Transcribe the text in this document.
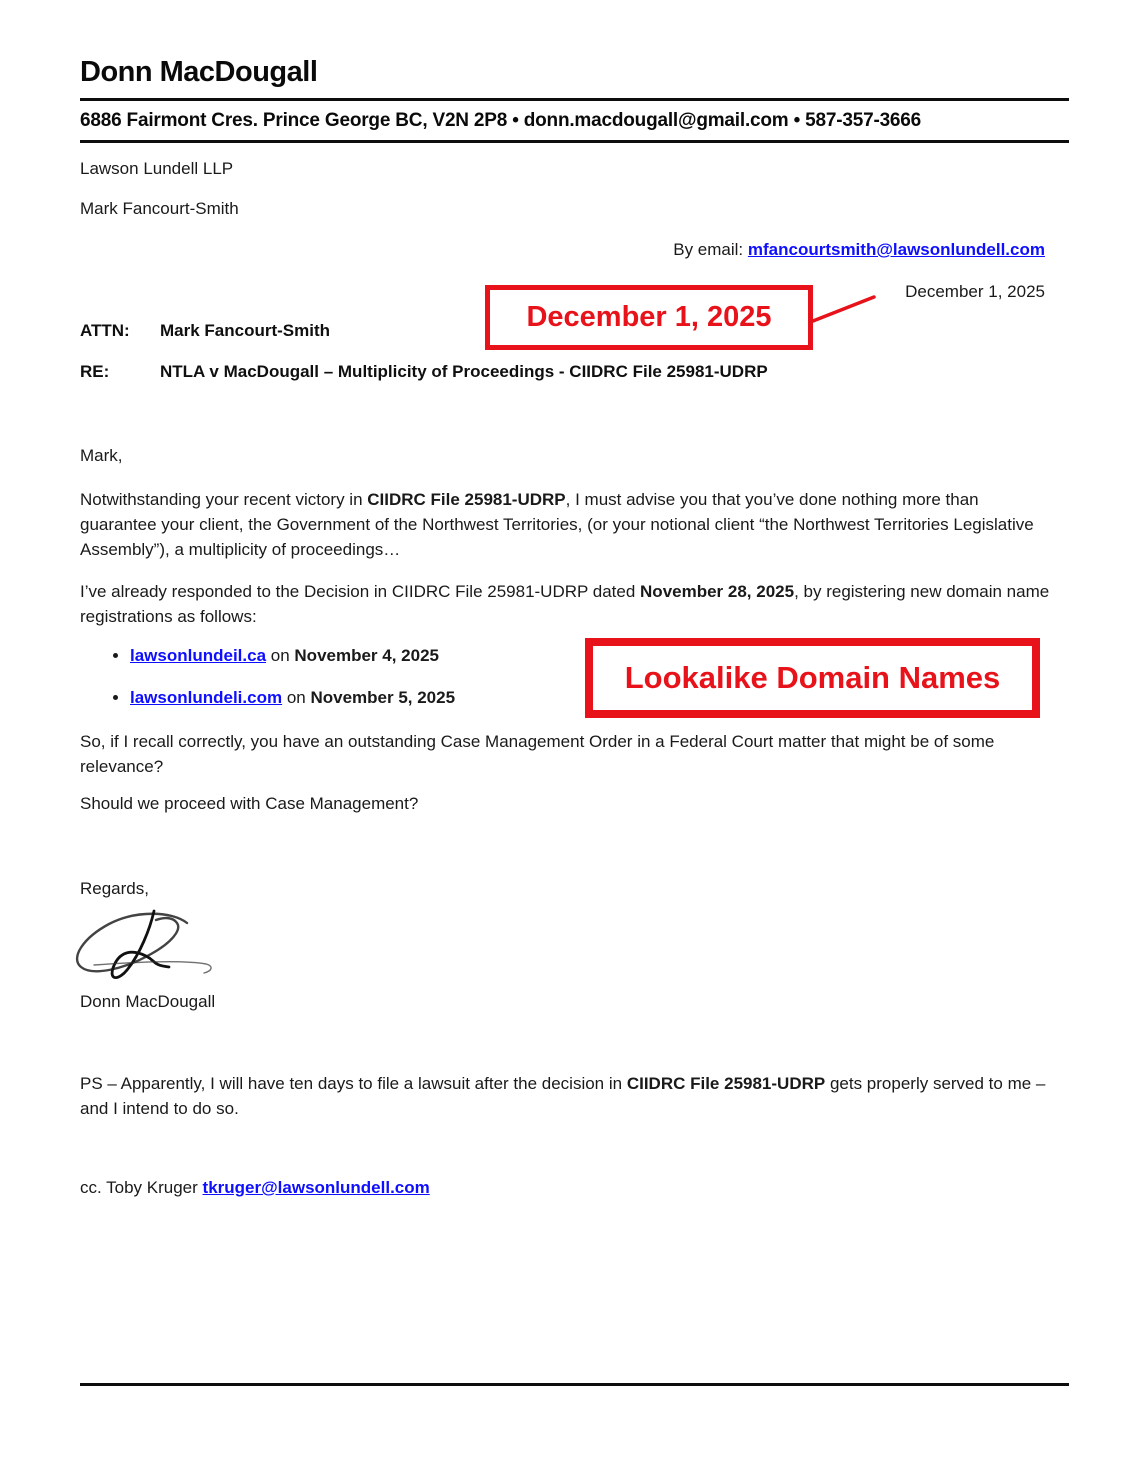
Donn MacDougall
6886 Fairmont Cres. Prince George BC, V2N 2P8 • donn.macdougall@gmail.com • 587-357-3666

Lawson Lundell LLP

Mark Fancourt-Smith

By email: mfancourtsmith@lawsonlundell.com

December 1, 2025

ATTN: Mark Fancourt-Smith

RE:	NTLA v MacDougall – Multiplicity of Proceedings - CIIDRC File 25981-UDRP

Mark,

Notwithstanding your recent victory in CIIDRC File 25981-UDRP, I must advise you that you’ve done nothing more than guarantee your client, the Government of the Northwest Territories, (or your notional client “the Northwest Territories Legislative Assembly”), a multiplicity of proceedings…

I’ve already responded to the Decision in CIIDRC File 25981-UDRP dated November 28, 2025, by registering new domain name registrations as follows:

• lawsonlundeil.ca on November 4, 2025
• lawsonlundeli.com on November 5, 2025

So, if I recall correctly, you have an outstanding Case Management Order in a Federal Court matter that might be of some relevance?

Should we proceed with Case Management?

Regards,

Donn MacDougall

PS – Apparently, I will have ten days to file a lawsuit after the decision in CIIDRC File 25981-UDRP gets properly served to me – and I intend to do so.

cc. Toby Kruger tkruger@lawsonlundell.com

December 1, 2025
Lookalike Domain Names
